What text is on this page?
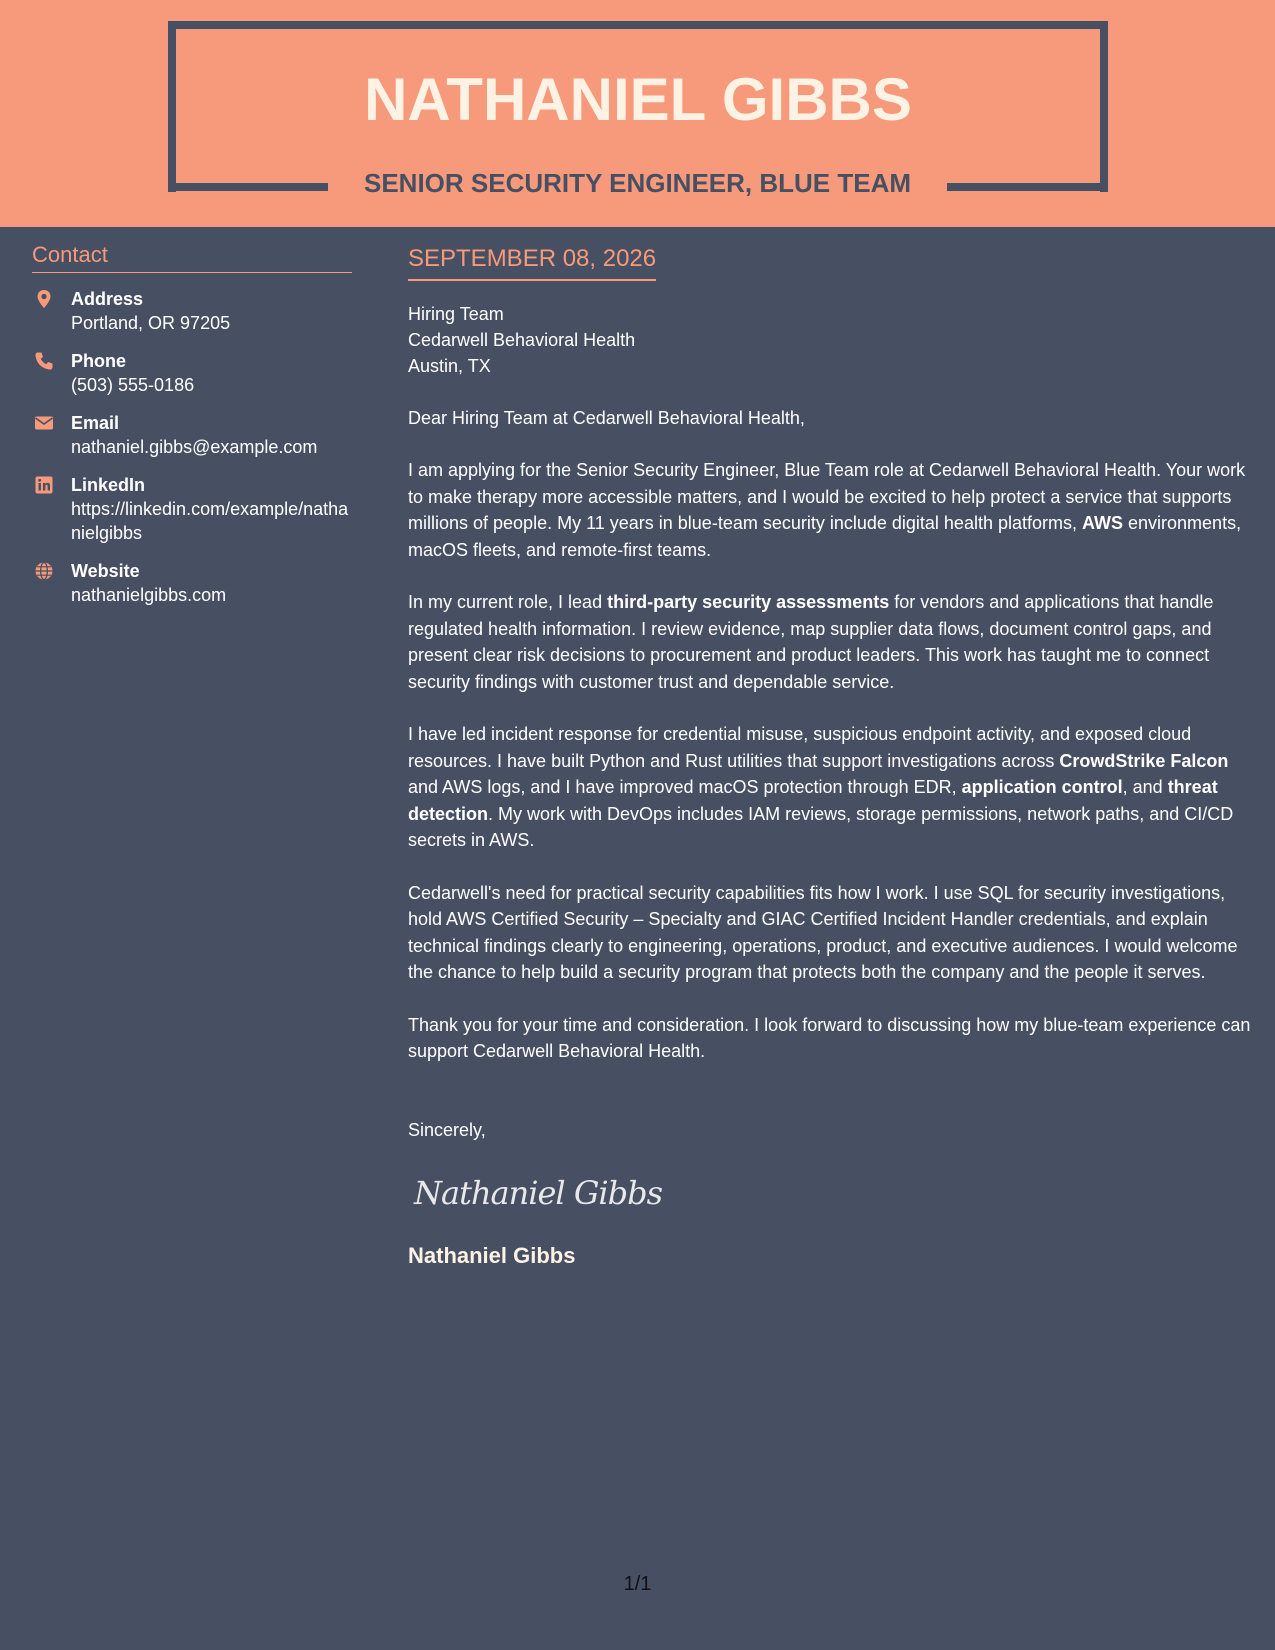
NATHANIEL GIBBS
SENIOR SECURITY ENGINEER, BLUE TEAM
Contact
Address
Portland, OR 97205
Phone
(503) 555-0186
Email
nathaniel.gibbs@example.com
LinkedIn
https://linkedin.com/example/nathanielgibbs
Website
nathanielgibbs.com
SEPTEMBER 08, 2026
Hiring Team
Cedarwell Behavioral Health
Austin, TX
Dear Hiring Team at Cedarwell Behavioral Health,
I am applying for the Senior Security Engineer, Blue Team role at Cedarwell Behavioral Health. Your work to make therapy more accessible matters, and I would be excited to help protect a service that supports millions of people. My 11 years in blue-team security include digital health platforms, AWS environments, macOS fleets, and remote-first teams.
In my current role, I lead third-party security assessments for vendors and applications that handle regulated health information. I review evidence, map supplier data flows, document control gaps, and present clear risk decisions to procurement and product leaders. This work has taught me to connect security findings with customer trust and dependable service.
I have led incident response for credential misuse, suspicious endpoint activity, and exposed cloud resources. I have built Python and Rust utilities that support investigations across CrowdStrike Falcon and AWS logs, and I have improved macOS protection through EDR, application control, and threat detection. My work with DevOps includes IAM reviews, storage permissions, network paths, and CI/CD secrets in AWS.
Cedarwell's need for practical security capabilities fits how I work. I use SQL for security investigations, hold AWS Certified Security – Specialty and GIAC Certified Incident Handler credentials, and explain technical findings clearly to engineering, operations, product, and executive audiences. I would welcome the chance to help build a security program that protects both the company and the people it serves.
Thank you for your time and consideration. I look forward to discussing how my blue-team experience can support Cedarwell Behavioral Health.
Sincerely,
Nathaniel Gibbs
Nathaniel Gibbs
1/1
